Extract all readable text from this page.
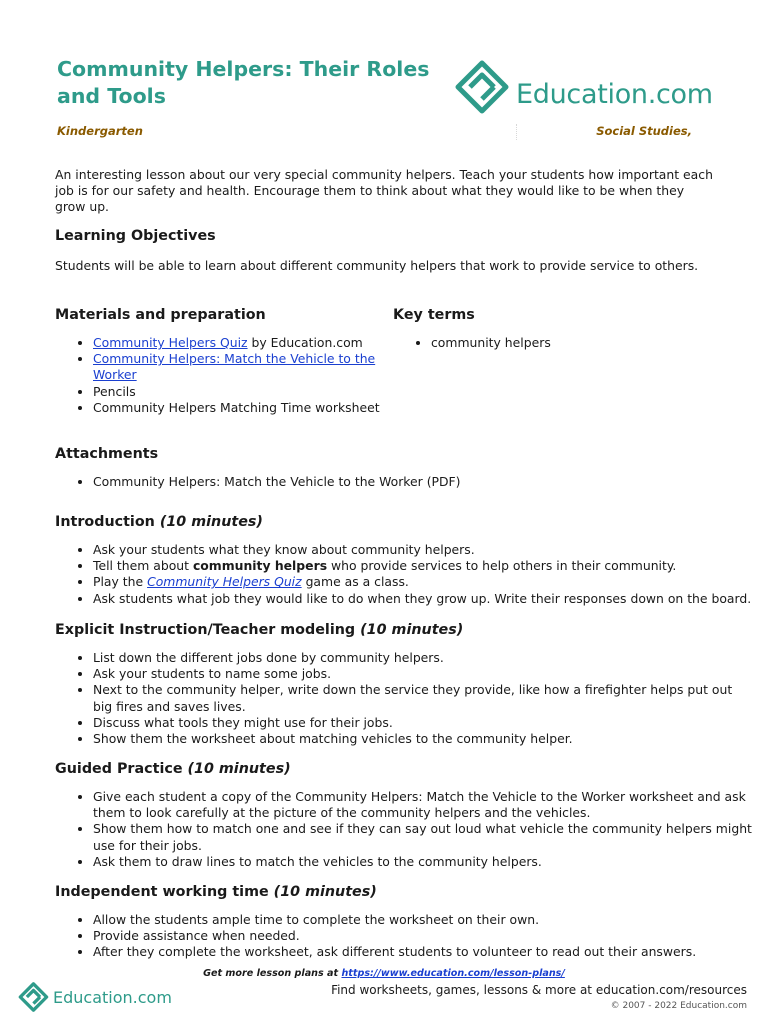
Community Helpers: Their Roles and Tools	Education.com
Kindergarten	Social Studies,

An interesting lesson about our very special community helpers. Teach your students how important each job is for our safety and health. Encourage them to think about what they would like to be when they grow up.

Learning Objectives

Students will be able to learn about different community helpers that work to provide service to others.

Materials and preparation
• Community Helpers Quiz by Education.com
• Community Helpers: Match the Vehicle to the Worker
• Pencils
• Community Helpers Matching Time worksheet
Key terms
• community helpers
Attachments
• Community Helpers: Match the Vehicle to the Worker (PDF)
Introduction (10 minutes)
• Ask your students what they know about community helpers.
• Tell them about community helpers who provide services to help others in their community.
• Play the Community Helpers Quiz game as a class.
• Ask students what job they would like to do when they grow up. Write their responses down on the board.
Explicit Instruction/Teacher modeling (10 minutes)
• List down the different jobs done by community helpers.
• Ask your students to name some jobs.
• Next to the community helper, write down the service they provide, like how a firefighter helps put out big fires and saves lives.
• Discuss what tools they might use for their jobs.
• Show them the worksheet about matching vehicles to the community helper.
Guided Practice (10 minutes)
• Give each student a copy of the Community Helpers: Match the Vehicle to the Worker worksheet and ask them to look carefully at the picture of the community helpers and the vehicles.
• Show them how to match one and see if they can say out loud what vehicle the community helpers might use for their jobs.
• Ask them to draw lines to match the vehicles to the community helpers.
Independent working time (10 minutes)
• Allow the students ample time to complete the worksheet on their own.
• Provide assistance when needed.
• After they complete the worksheet, ask different students to volunteer to read out their answers.
Get more lesson plans at https://www.education.com/lesson-plans/
Education.com	Find worksheets, games, lessons & more at education.com/resources
© 2007 - 2022 Education.com
